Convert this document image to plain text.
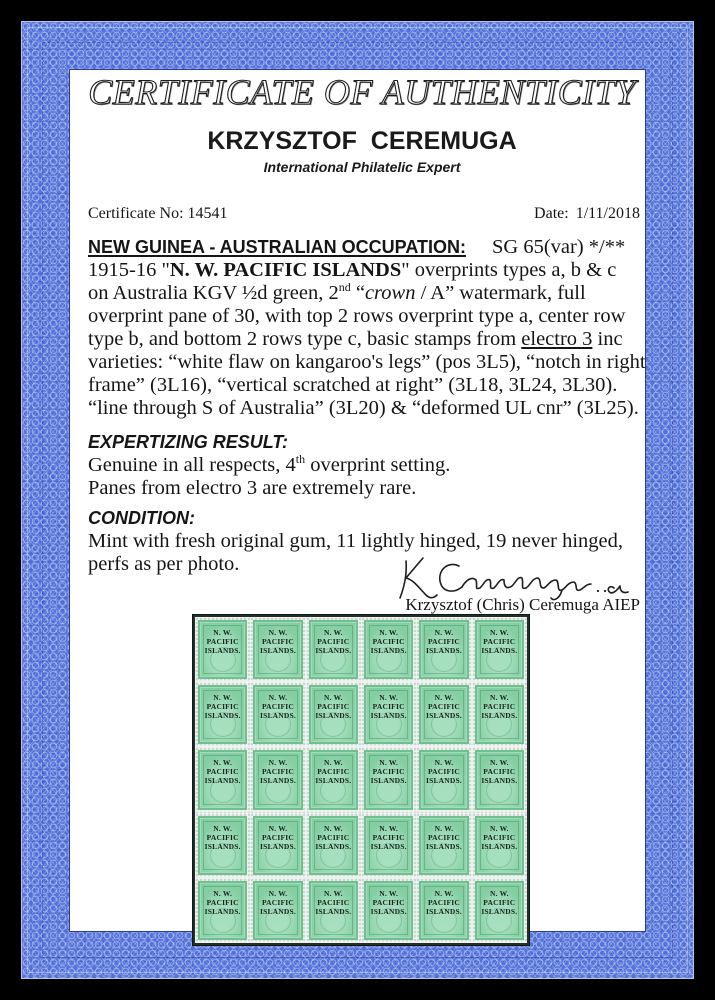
CERTIFICATE OF AUTHENTICITY
KRZYSZTOF CEREMUGA
International Philatelic Expert
Certificate No: 14541	Date: 1/11/2018
NEW GUINEA - AUSTRALIAN OCCUPATION: SG 65(var) */**
1915-16 "N. W. PACIFIC ISLANDS" overprints types a, b & c
on Australia KGV ½d green, 2nd “crown / A” watermark, full
overprint pane of 30, with top 2 rows overprint type a, center row
type b, and bottom 2 rows type c, basic stamps from electro 3 inc
varieties: “white flaw on kangaroo's legs” (pos 3L5), “notch in right
frame” (3L16), “vertical scratched at right” (3L18, 3L24, 3L30).
“line through S of Australia” (3L20) & “deformed UL cnr” (3L25).
EXPERTIZING RESULT:
Genuine in all respects, 4th overprint setting.
Panes from electro 3 are extremely rare.
CONDITION:
Mint with fresh original gum, 11 lightly hinged, 19 never hinged,
perfs as per photo.
Krzysztof (Chris) Ceremuga AIEP
N. W.
PACIFIC
ISLANDS.
N. W.
PACIFIC
ISLANDS.
N. W.
PACIFIC
ISLANDS.
N. W.
PACIFIC
ISLANDS.
N. W.
PACIFIC
ISLANDS.
N. W.
PACIFIC
ISLANDS.
N. W.
PACIFIC
ISLANDS.
N. W.
PACIFIC
ISLANDS.
N. W.
PACIFIC
ISLANDS.
N. W.
PACIFIC
ISLANDS.
N. W.
PACIFIC
ISLANDS.
N. W.
PACIFIC
ISLANDS.
N. W.
PACIFIC
ISLANDS.
N. W.
PACIFIC
ISLANDS.
N. W.
PACIFIC
ISLANDS.
N. W.
PACIFIC
ISLANDS.
N. W.
PACIFIC
ISLANDS.
N. W.
PACIFIC
ISLANDS.
N. W.
PACIFIC
ISLANDS.
N. W.
PACIFIC
ISLANDS.
N. W.
PACIFIC
ISLANDS.
N. W.
PACIFIC
ISLANDS.
N. W.
PACIFIC
ISLANDS.
N. W.
PACIFIC
ISLANDS.
N. W.
PACIFIC
ISLANDS.
N. W.
PACIFIC
ISLANDS.
N. W.
PACIFIC
ISLANDS.
N. W.
PACIFIC
ISLANDS.
N. W.
PACIFIC
ISLANDS.
N. W.
PACIFIC
ISLANDS.
